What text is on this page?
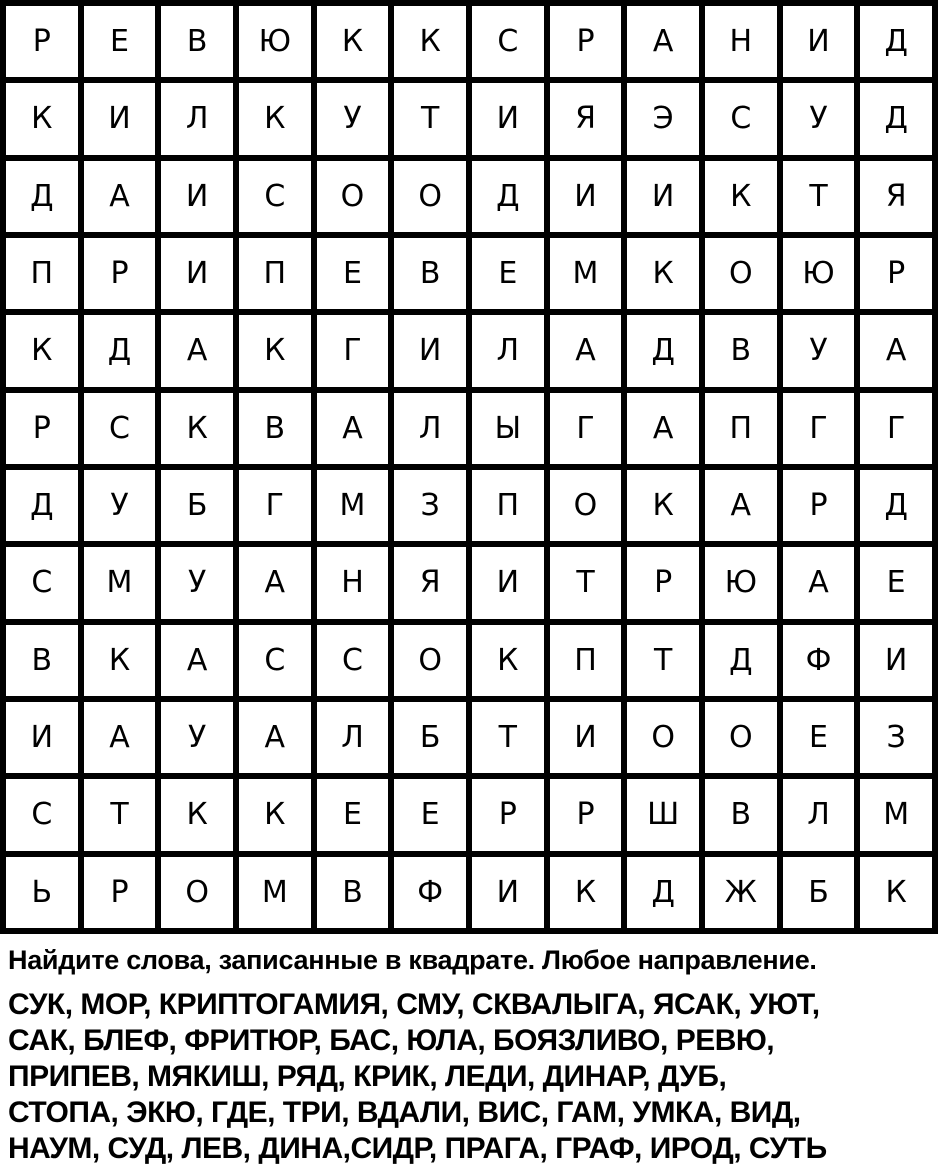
Р	Е	В	Ю	К	К	С	Р	А	Н	И	Д
К	И	Л	К	У	Т	И	Я	Э	С	У	Д
Д	А	И	С	О	О	Д	И	И	К	Т	Я
П	Р	И	П	Е	В	Е	М	К	О	Ю	Р
К	Д	А	К	Г	И	Л	А	Д	В	У	А
Р	С	К	В	А	Л	Ы	Г	А	П	Г	Г
Д	У	Б	Г	М	З	П	О	К	А	Р	Д
С	М	У	А	Н	Я	И	Т	Р	Ю	А	Е
В	К	А	С	С	О	К	П	Т	Д	Ф	И
И	А	У	А	Л	Б	Т	И	О	О	Е	З
С	Т	К	К	Е	Е	Р	Р	Ш	В	Л	М
Ь	Р	О	М	В	Ф	И	К	Д	Ж	Б	К
Найдите слова, записанные в квадрате. Любое направление.
СУК, МОР, КРИПТОГАМИЯ, СМУ, СКВАЛЫГА, ЯСАК, УЮТ,
САК, БЛЕФ, ФРИТЮР, БАС, ЮЛА, БОЯЗЛИВО, РЕВЮ,
ПРИПЕВ, МЯКИШ, РЯД, КРИК, ЛЕДИ, ДИНАР, ДУБ,
СТОПА, ЭКЮ, ГДЕ, ТРИ, ВДАЛИ, ВИС, ГАМ, УМКА, ВИД,
НАУМ, СУД, ЛЕВ, ДИНА,СИДР, ПРАГА, ГРАФ, ИРОД, СУТЬ
